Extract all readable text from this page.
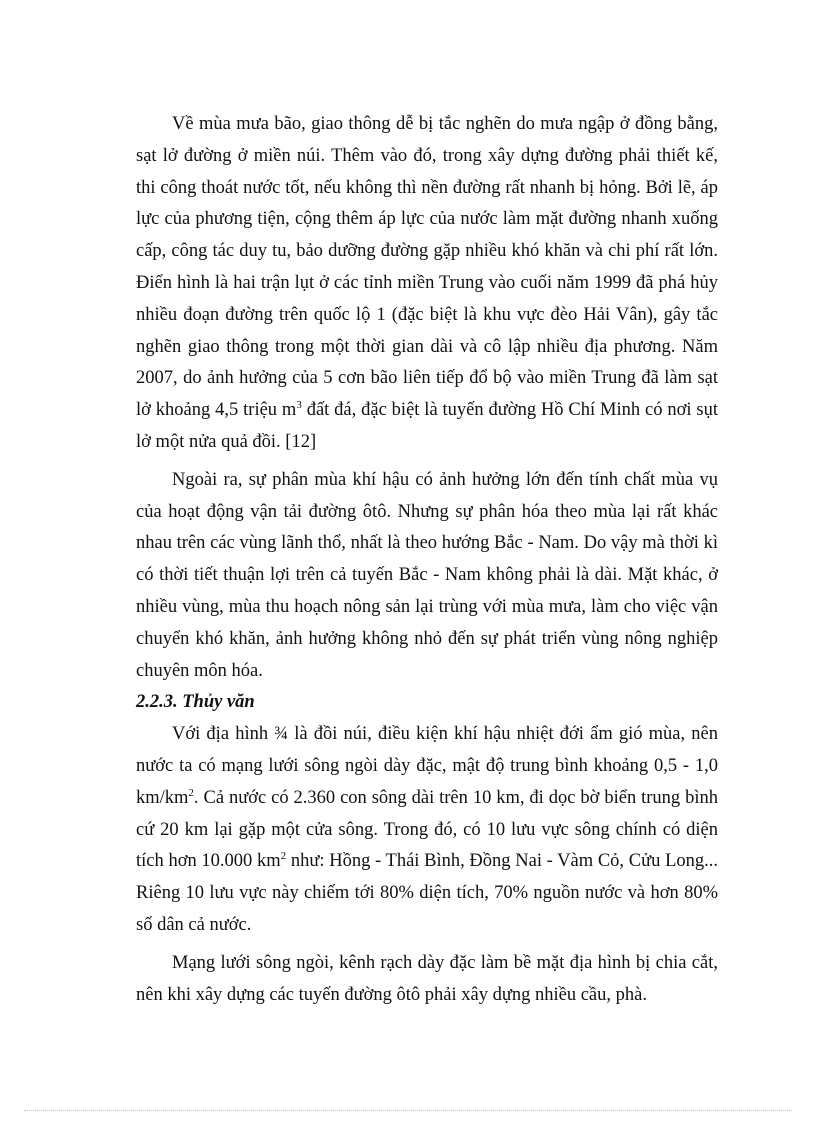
Về mùa mưa bão, giao thông dễ bị tắc nghẽn do mưa ngập ở đồng bằng, sạt lở đường ở miền núi. Thêm vào đó, trong xây dựng đường phải thiết kế, thi công thoát nước tốt, nếu không thì nền đường rất nhanh bị hỏng. Bởi lẽ, áp lực của phương tiện, cộng thêm áp lực của nước làm mặt đường nhanh xuống cấp, công tác duy tu, bảo dưỡng đường gặp nhiều khó khăn và chi phí rất lớn. Điển hình là hai trận lụt ở các tỉnh miền Trung vào cuối năm 1999 đã phá hủy nhiều đoạn đường trên quốc lộ 1 (đặc biệt là khu vực đèo Hải Vân), gây tắc nghẽn giao thông trong một thời gian dài và cô lập nhiều địa phương. Năm 2007, do ảnh hưởng của 5 cơn bão liên tiếp đổ bộ vào miền Trung đã làm sạt lở khoảng 4,5 triệu $m^3$ đất đá, đặc biệt là tuyến đường Hồ Chí Minh có nơi sụt lở một nửa quả đồi. [12]

Ngoài ra, sự phân mùa khí hậu có ảnh hưởng lớn đến tính chất mùa vụ của hoạt động vận tải đường ôtô. Nhưng sự phân hóa theo mùa lại rất khác nhau trên các vùng lãnh thổ, nhất là theo hướng Bắc - Nam. Do vậy mà thời kì có thời tiết thuận lợi trên cả tuyến Bắc - Nam không phải là dài. Mặt khác, ở nhiều vùng, mùa thu hoạch nông sản lại trùng với mùa mưa, làm cho việc vận chuyển khó khăn, ảnh hưởng không nhỏ đến sự phát triển vùng nông nghiệp chuyên môn hóa.

2.2.3. Thủy văn

Với địa hình ¾ là đồi núi, điều kiện khí hậu nhiệt đới ẩm gió mùa, nên nước ta có mạng lưới sông ngòi dày đặc, mật độ trung bình khoảng 0,5 - 1,0 $km/km^2$. Cả nước có 2.360 con sông dài trên 10 km, đi dọc bờ biển trung bình cứ 20 km lại gặp một cửa sông. Trong đó, có 10 lưu vực sông chính có diện tích hơn 10.000 $km^2$ như: Hồng - Thái Bình, Đồng Nai - Vàm Cỏ, Cửu Long... Riêng 10 lưu vực này chiếm tới 80% diện tích, 70% nguồn nước và hơn 80% số dân cả nước.

Mạng lưới sông ngòi, kênh rạch dày đặc làm bề mặt địa hình bị chia cắt, nên khi xây dựng các tuyến đường ôtô phải xây dựng nhiều cầu, phà.
